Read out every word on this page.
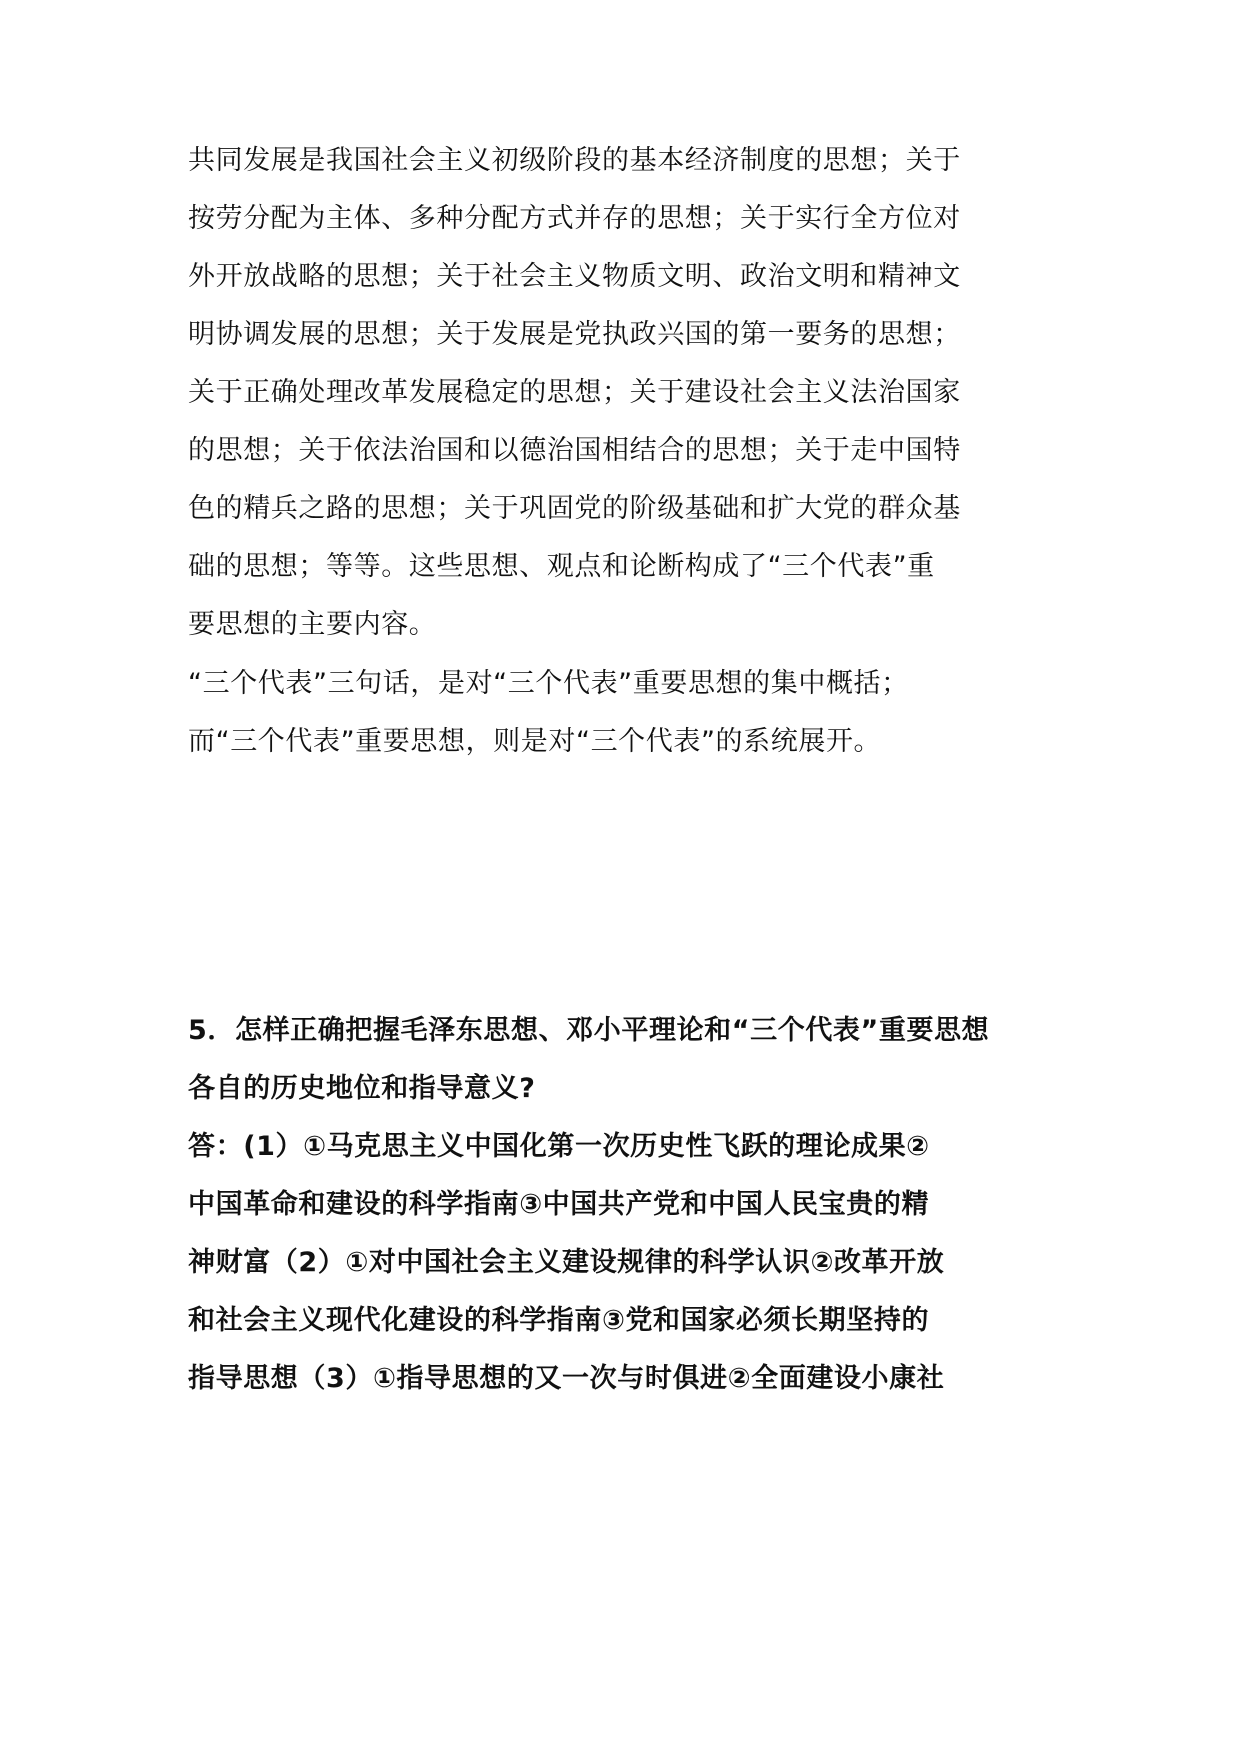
共同发展是我国社会主义初级阶段的基本经济制度的思想；关于
按劳分配为主体、多种分配方式并存的思想；关于实行全方位对
外开放战略的思想；关于社会主义物质文明、政治文明和精神文
明协调发展的思想；关于发展是党执政兴国的第一要务的思想；
关于正确处理改革发展稳定的思想；关于建设社会主义法治国家
的思想；关于依法治国和以德治国相结合的思想；关于走中国特
色的精兵之路的思想；关于巩固党的阶级基础和扩大党的群众基
础的思想；等等。这些思想、观点和论断构成了“三个代表”重
要思想的主要内容。
“三个代表”三句话，是对“三个代表”重要思想的集中概括；
而“三个代表”重要思想，则是对“三个代表”的系统展开。
5．怎样正确把握毛泽东思想、邓小平理论和“三个代表”重要思想
各自的历史地位和指导意义?
答：(1）①马克思主义中国化第一次历史性飞跃的理论成果②
中国革命和建设的科学指南③中国共产党和中国人民宝贵的精
神财富（2）①对中国社会主义建设规律的科学认识②改革开放
和社会主义现代化建设的科学指南③党和国家必须长期坚持的
指导思想（3）①指导思想的又一次与时俱进②全面建设小康社
